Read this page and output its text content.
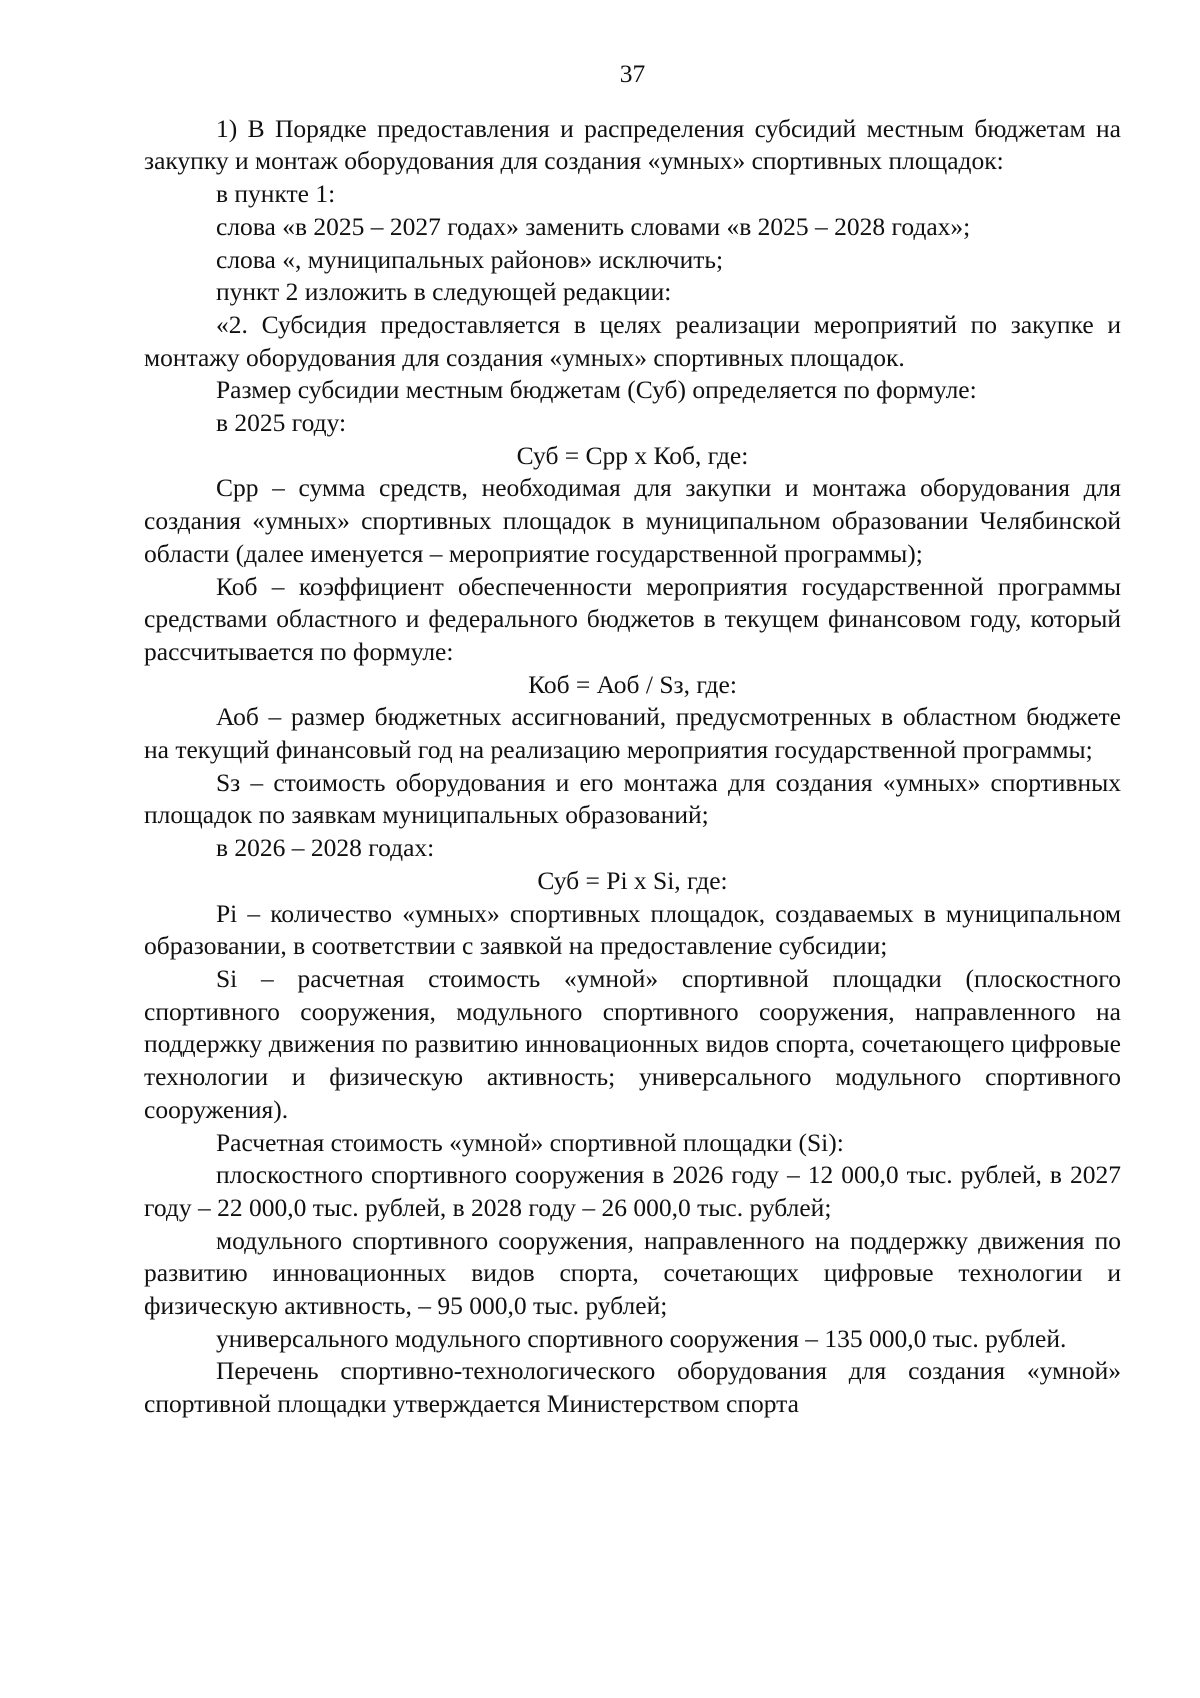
37

1) В Порядке предоставления и распределения субсидий местным бюджетам на закупку и монтаж оборудования для создания «умных» спортивных площадок:

в пункте 1:

слова «в 2025 – 2027 годах» заменить словами «в 2025 – 2028 годах»;

слова «, муниципальных районов» исключить;

пункт 2 изложить в следующей редакции:

«2. Субсидия предоставляется в целях реализации мероприятий по закупке и монтажу оборудования для создания «умных» спортивных площадок.

Размер субсидии местным бюджетам (Суб) определяется по формуле:

в 2025 году:

Суб = Срр x Коб, где:

Срр – сумма средств, необходимая для закупки и монтажа оборудования для создания «умных» спортивных площадок в муниципальном образовании Челябинской области (далее именуется – мероприятие государственной программы);

Коб – коэффициент обеспеченности мероприятия государственной программы средствами областного и федерального бюджетов в текущем финансовом году, который рассчитывается по формуле:

Коб = Аоб / Sз, где:

Аоб – размер бюджетных ассигнований, предусмотренных в областном бюджете на текущий финансовый год на реализацию мероприятия государственной программы;

Sз – стоимость оборудования и его монтажа для создания «умных» спортивных площадок по заявкам муниципальных образований;

в 2026 – 2028 годах:

Суб = Pi x Si, где:

Pi – количество «умных» спортивных площадок, создаваемых в муниципальном образовании, в соответствии с заявкой на предоставление субсидии;

Si – расчетная стоимость «умной» спортивной площадки (плоскостного спортивного сооружения, модульного спортивного сооружения, направленного на поддержку движения по развитию инновационных видов спорта, сочетающего цифровые технологии и физическую активность; универсального модульного спортивного сооружения).

Расчетная стоимость «умной» спортивной площадки (Si):

плоскостного спортивного сооружения в 2026 году – 12 000,0 тыс. рублей, в 2027 году – 22 000,0 тыс. рублей, в 2028 году – 26 000,0 тыс. рублей;

модульного спортивного сооружения, направленного на поддержку движения по развитию инновационных видов спорта, сочетающих цифровые технологии и физическую активность, – 95 000,0 тыс. рублей;

универсального модульного спортивного сооружения – 135 000,0 тыс. рублей.

Перечень спортивно-технологического оборудования для создания «умной» спортивной площадки утверждается Министерством спорта
